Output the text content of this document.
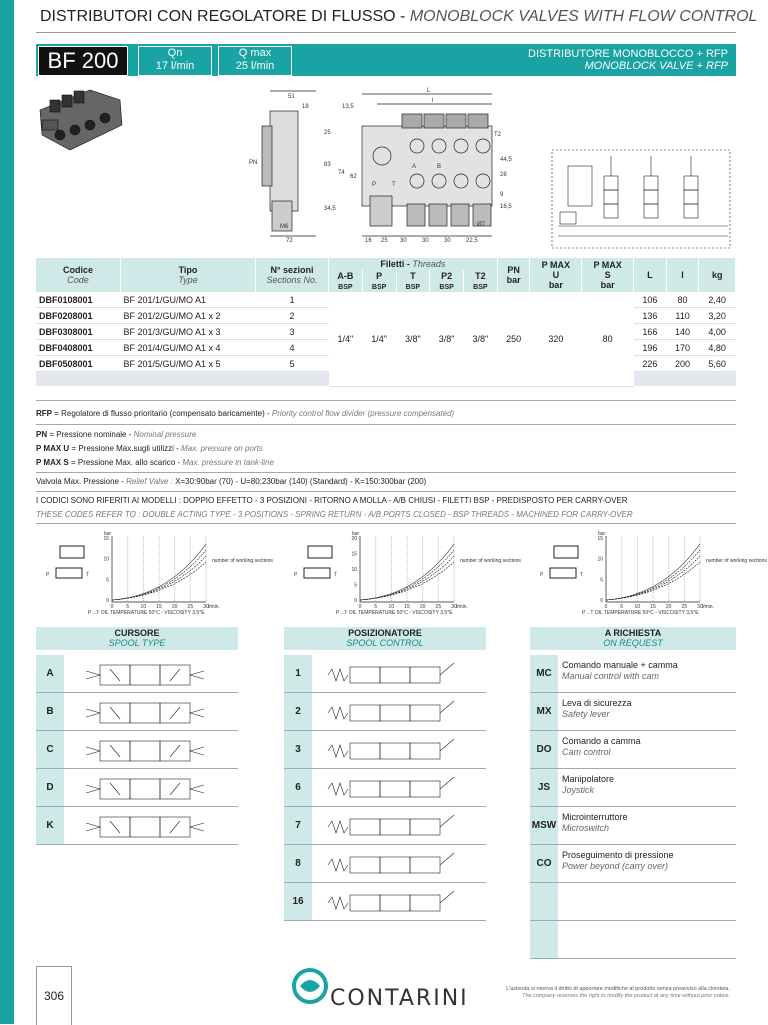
DISTRIBUTORI CON REGOLATORE DI FLUSSO - MONOBLOCK VALVES WITH FLOW CONTROL
BF 200	Qn
17 l/min
Q max
25 l/min
DISTRIBUTORE MONOBLOCCO + RFP
MONOBLOCK VALVE + RFP
51
18	13,5
L
l
25
83
74
62
34,5
M6
72	16 25 30	30	30	22,5
9
16,5
28
44,5
T2
PN
Ø7
A	B
P	T
Codice
Code	Tipo
Type	N° sezioni
Sections No.	Filetti - Threads					PN
bar	P MAX
U
bar	P MAX
S
bar	L	l	kg
			A-B
BSP	P
BSP	T
BSP	P2
BSP	T2
BSP						
DBF0108001	BF 201/1/GU/MO A1	1	1/4"	1/4"	3/8"	3/8"	3/8"	250	320	80	106	80	2,40
DBF0208001	BF 201/2/GU/MO A1 x 2	2									136	110	3,20
DBF0308001	BF 201/3/GU/MO A1 x 3	3									166	140	4,00
DBF0408001	BF 201/4/GU/MO A1 x 4	4									196	170	4,80
DBF0508001	BF 201/5/GU/MO A1 x 5	5									226	200	5,60

RFP = Regolatore di flusso prioritario (compensato baricamente) - Priority control flow divider (pressure compensated)
PN = Pressione nominale - Nominal pressure
P MAX U = Pressione Max.sugli utilizzi - Max. pressure on ports
P MAX S = Pressione Max. allo scarico - Max. pressure in tank-line
Valvola Max. Pressione - Relief Valve : X=30:90bar (70) - U=80:230bar (140) (Standard) - K=150:300bar (200)
I CODICI SONO RIFERITI AI MODELLI : DOPPIO EFFETTO - 3 POSIZIONI - RITORNO A MOLLA - A/B CHIUSI - FILETTI BSP - PREDISPOSTO PER CARRY-OVER
THESE CODES REFER TO : DOUBLE ACTING TYPE - 3 POSITIONS - SPRING RETURN - A/B PORTS CLOSED - BSP THREADS - MACHINED FOR CARRY-OVER
P	T
15
10
5
0
0	5 10 15 20 25 30
bar
l/min.
P→T OIL TEMPERATURE 50°C - VISCOSITY 3,5°E
number of working sections
P	T
20
15
10
5
0
0	5 10 15 20 25 30
bar
l/min.
P→T OIL TEMPERATURE 50°C - VISCOSITY 3,5°E
number of working sections
P	T
15
10
5
0
0	5 10 15 20 25 30
bar
l/min.
P→T OIL TEMPERATURE 50°C - VISCOSITY 3,5°E
number of working sections
CURSORE
SPOOL TYPE
A
B
C
D
K
POSIZIONATORE
SPOOL CONTROL
1
2
3
6
7
8
16
A RICHIESTA
ON REQUEST
MC
Comando manuale + camma
Manual control with cam
MX
Leva di sicurezza
Safety lever
DO
Comando a camma
Cam control
JS
Manipolatore
Joystick
MSW
Microinterruttore
Microswitch
CO
Proseguimento di pressione
Power beyond (carry over)
306	CONTARINI	L'azienda si riserva il diritto di apportare modifiche al prodotto senza preavviso alla clientela.
The company reserves the right to modify the product at any time without prior notice.
